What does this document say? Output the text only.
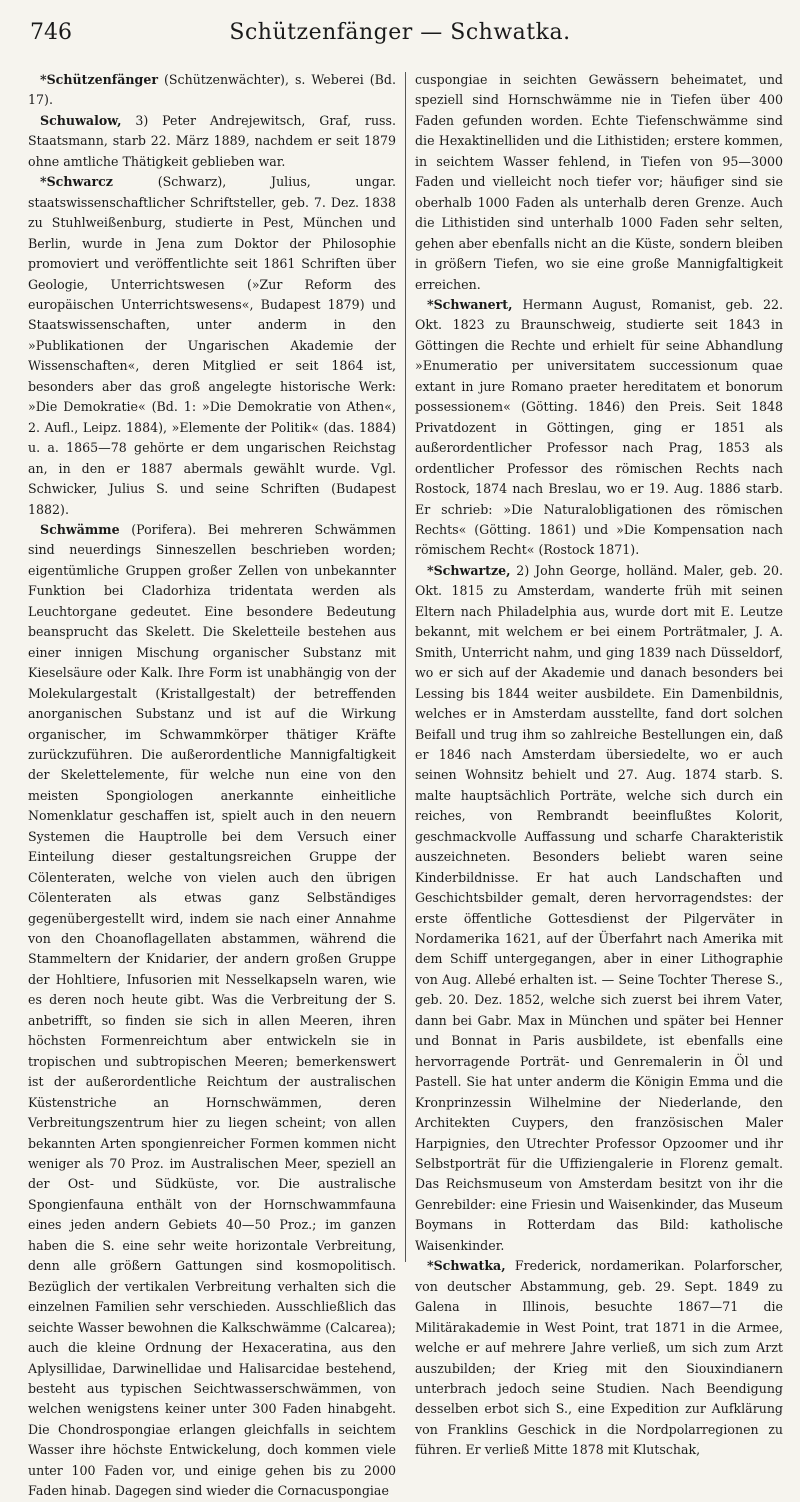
746	Schützenfänger — Schwatka.

*Schützenfänger (Schützenwächter), s. Weberei (Bd. 17).

Schuwalow, 3) Peter Andrejewitsch, Graf, russ. Staatsmann, starb 22. März 1889, nachdem er seit 1879 ohne amtliche Thätigkeit geblieben war.

*Schwarcz (Schwarz), Julius, ungar. staatswissenschaftlicher Schriftsteller, geb. 7. Dez. 1838 zu Stuhlweißenburg, studierte in Pest, München und Berlin, wurde in Jena zum Doktor der Philosophie promoviert und veröffentlichte seit 1861 Schriften über Geologie, Unterrichtswesen (»Zur Reform des europäischen Unterrichtswesens«, Budapest 1879) und Staatswissenschaften, unter anderm in den »Publikationen der Ungarischen Akademie der Wissenschaften«, deren Mitglied er seit 1864 ist, besonders aber das groß angelegte historische Werk: »Die Demokratie« (Bd. 1: »Die Demokratie von Athen«, 2. Aufl., Leipz. 1884), »Elemente der Politik« (das. 1884) u. a. 1865—78 gehörte er dem ungarischen Reichstag an, in den er 1887 abermals gewählt wurde. Vgl. Schwicker, Julius S. und seine Schriften (Budapest 1882).

Schwämme (Porifera). Bei mehreren Schwämmen sind neuerdings Sinneszellen beschrieben worden; eigentümliche Gruppen großer Zellen von unbekannter Funktion bei Cladorhiza tridentata werden als Leuchtorgane gedeutet. Eine besondere Bedeutung beansprucht das Skelett. Die Skeletteile bestehen aus einer innigen Mischung organischer Substanz mit Kieselsäure oder Kalk. Ihre Form ist unabhängig von der Molekulargestalt (Kristallgestalt) der betreffenden anorganischen Substanz und ist auf die Wirkung organischer, im Schwammkörper thätiger Kräfte zurückzuführen. Die außerordentliche Mannigfaltigkeit der Skelettelemente, für welche nun eine von den meisten Spongiologen anerkannte einheitliche Nomenklatur geschaffen ist, spielt auch in den neuern Systemen die Hauptrolle bei dem Versuch einer Einteilung dieser gestaltungsreichen Gruppe der Cölenteraten, welche von vielen auch den übrigen Cölenteraten als etwas ganz Selbständiges gegenübergestellt wird, indem sie nach einer Annahme von den Choanoflagellaten abstammen, während die Stammeltern der Knidarier, der andern großen Gruppe der Hohltiere, Infusorien mit Nesselkapseln waren, wie es deren noch heute gibt. Was die Verbreitung der S. anbetrifft, so finden sie sich in allen Meeren, ihren höchsten Formenreichtum aber entwickeln sie in tropischen und subtropischen Meeren; bemerkenswert ist der außerordentliche Reichtum der australischen Küstenstriche an Hornschwämmen, deren Verbreitungszentrum hier zu liegen scheint; von allen bekannten Arten spongienreicher Formen kommen nicht weniger als 70 Proz. im Australischen Meer, speziell an der Ost- und Südküste, vor. Die australische Spongienfauna enthält von der Hornschwammfauna eines jeden andern Gebiets 40—50 Proz.; im ganzen haben die S. eine sehr weite horizontale Verbreitung, denn alle größern Gattungen sind kosmopolitisch. Bezüglich der vertikalen Verbreitung verhalten sich die einzelnen Familien sehr verschieden. Ausschließlich das seichte Wasser bewohnen die Kalkschwämme (Calcarea); auch die kleine Ordnung der Hexaceratina, aus den Aplysillidae, Darwinellidae und Halisarcidae bestehend, besteht aus typischen Seichtwasserschwämmen, von welchen wenigstens keiner unter 300 Faden hinabgeht. Die Chondrospongiae erlangen gleichfalls in seichtem Wasser ihre höchste Entwickelung, doch kommen viele unter 100 Faden vor, und einige gehen bis zu 2000 Faden hinab. Dagegen sind wieder die Cornacuspongiae

cuspongiae in seichten Gewässern beheimatet, und speziell sind Hornschwämme nie in Tiefen über 400 Faden gefunden worden. Echte Tiefenschwämme sind die Hexaktinelliden und die Lithistiden; erstere kommen, in seichtem Wasser fehlend, in Tiefen von 95—3000 Faden und vielleicht noch tiefer vor; häufiger sind sie oberhalb 1000 Faden als unterhalb deren Grenze. Auch die Lithistiden sind unterhalb 1000 Faden sehr selten, gehen aber ebenfalls nicht an die Küste, sondern bleiben in größern Tiefen, wo sie eine große Mannigfaltigkeit erreichen.

*Schwanert, Hermann August, Romanist, geb. 22. Okt. 1823 zu Braunschweig, studierte seit 1843 in Göttingen die Rechte und erhielt für seine Abhandlung »Enumeratio per universitatem successionum quae extant in jure Romano praeter hereditatem et bonorum possessionem« (Götting. 1846) den Preis. Seit 1848 Privatdozent in Göttingen, ging er 1851 als außerordentlicher Professor nach Prag, 1853 als ordentlicher Professor des römischen Rechts nach Rostock, 1874 nach Breslau, wo er 19. Aug. 1886 starb. Er schrieb: »Die Naturalobligationen des römischen Rechts« (Götting. 1861) und »Die Kompensation nach römischem Recht« (Rostock 1871).

*Schwartze, 2) John George, holländ. Maler, geb. 20. Okt. 1815 zu Amsterdam, wanderte früh mit seinen Eltern nach Philadelphia aus, wurde dort mit E. Leutze bekannt, mit welchem er bei einem Porträtmaler, J. A. Smith, Unterricht nahm, und ging 1839 nach Düsseldorf, wo er sich auf der Akademie und danach besonders bei Lessing bis 1844 weiter ausbildete. Ein Damenbildnis, welches er in Amsterdam ausstellte, fand dort solchen Beifall und trug ihm so zahlreiche Bestellungen ein, daß er 1846 nach Amsterdam übersiedelte, wo er auch seinen Wohnsitz behielt und 27. Aug. 1874 starb. S. malte hauptsächlich Porträte, welche sich durch ein reiches, von Rembrandt beeinflußtes Kolorit, geschmackvolle Auffassung und scharfe Charakteristik auszeichneten. Besonders beliebt waren seine Kinderbildnisse. Er hat auch Landschaften und Geschichtsbilder gemalt, deren hervorragendstes: der erste öffentliche Gottesdienst der Pilgerväter in Nordamerika 1621, auf der Überfahrt nach Amerika mit dem Schiff untergegangen, aber in einer Lithographie von Aug. Allebé erhalten ist. — Seine Tochter Therese S., geb. 20. Dez. 1852, welche sich zuerst bei ihrem Vater, dann bei Gabr. Max in München und später bei Henner und Bonnat in Paris ausbildete, ist ebenfalls eine hervorragende Porträt- und Genremalerin in Öl und Pastell. Sie hat unter anderm die Königin Emma und die Kronprinzessin Wilhelmine der Niederlande, den Architekten Cuypers, den französischen Maler Harpignies, den Utrechter Professor Opzoomer und ihr Selbstporträt für die Uffiziengalerie in Florenz gemalt. Das Reichsmuseum von Amsterdam besitzt von ihr die Genrebilder: eine Friesin und Waisenkinder, das Museum Boymans in Rotterdam das Bild: katholische Waisenkinder.

*Schwatka, Frederick, nordamerikan. Polarforscher, von deutscher Abstammung, geb. 29. Sept. 1849 zu Galena in Illinois, besuchte 1867—71 die Militärakademie in West Point, trat 1871 in die Armee, welche er auf mehrere Jahre verließ, um sich zum Arzt auszubilden; der Krieg mit den Siouxindianern unterbrach jedoch seine Studien. Nach Beendigung desselben erbot sich S., eine Expedition zur Aufklärung von Franklins Geschick in die Nordpolarregionen zu führen. Er verließ Mitte 1878 mit Klutschak,
